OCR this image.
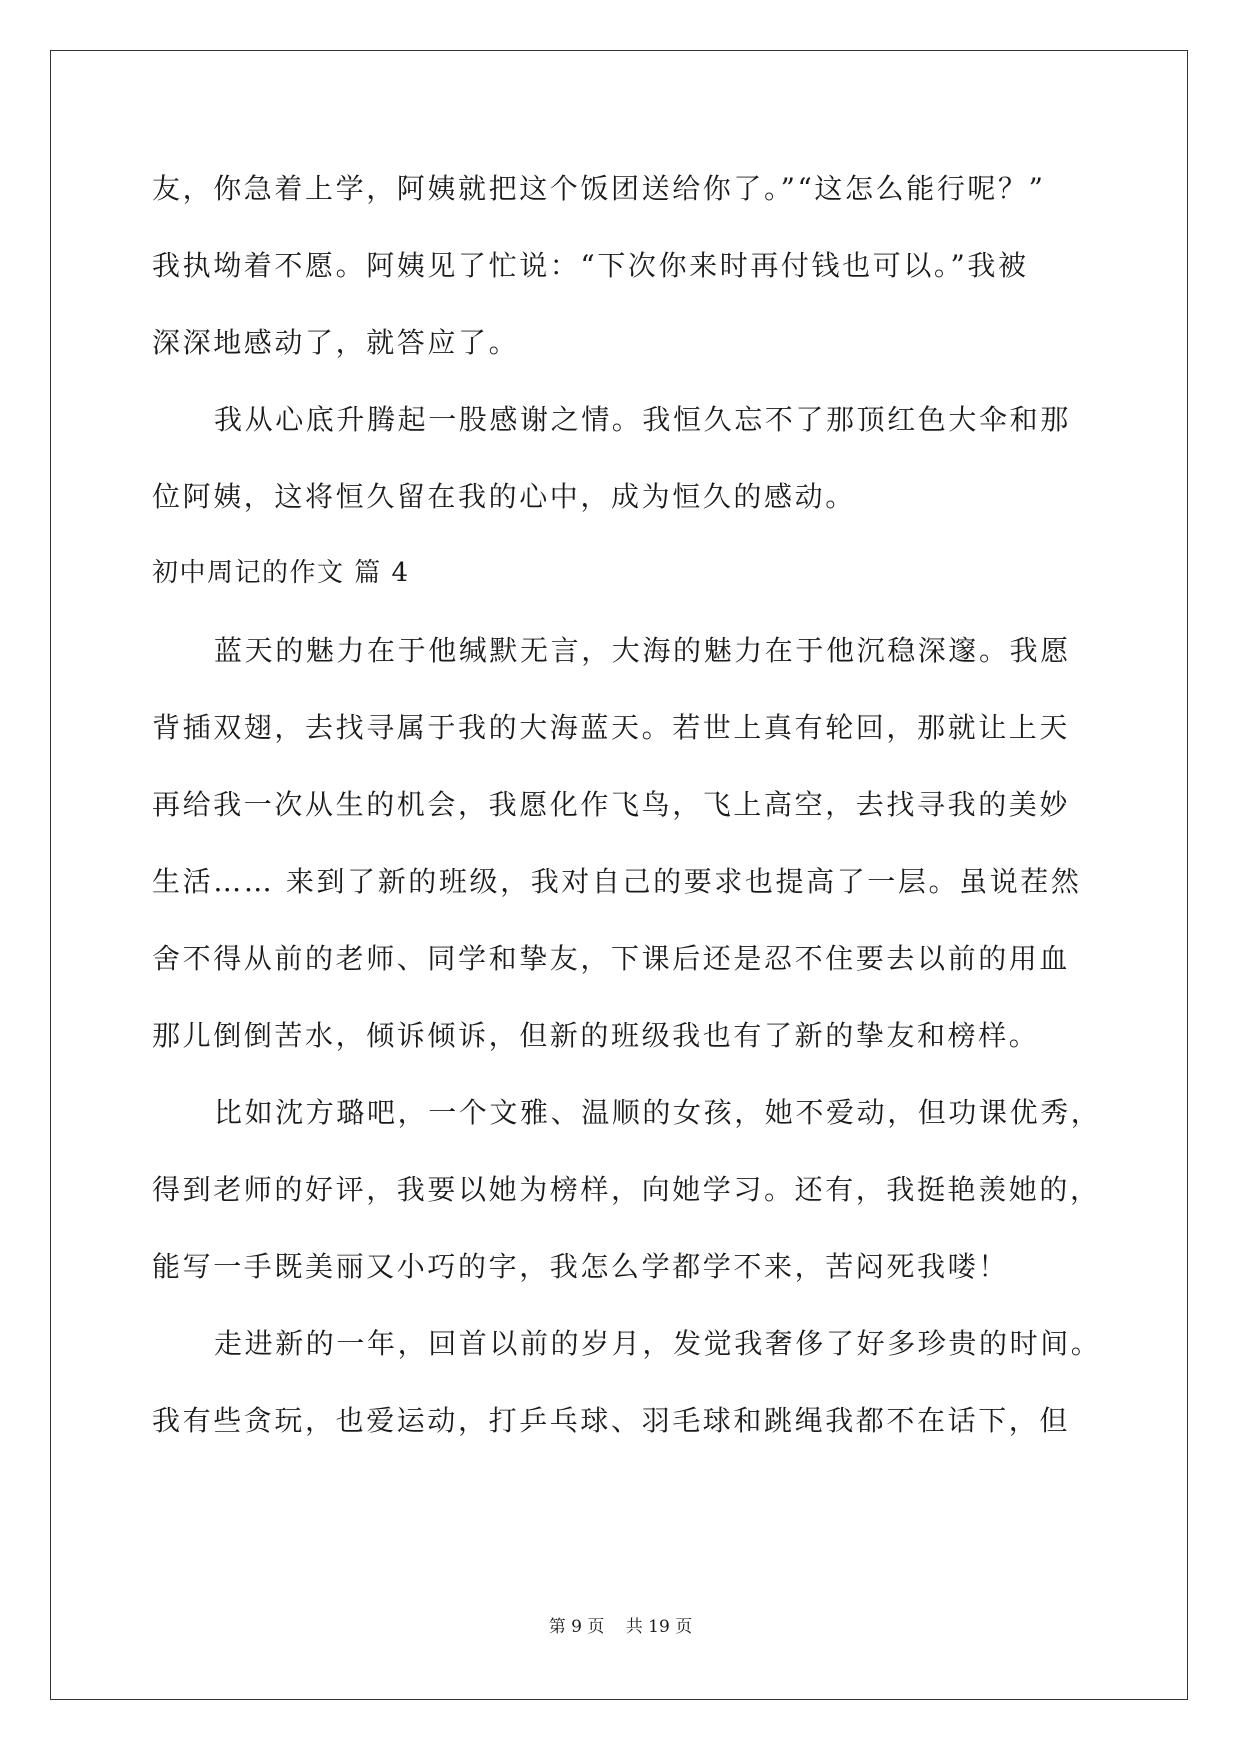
友，你急着上学，阿姨就把这个饭团送给你了。”“这怎么能行呢？”
我执坳着不愿。阿姨见了忙说：“下次你来时再付钱也可以。”我被
深深地感动了，就答应了。
我从心底升腾起一股感谢之情。我恒久忘不了那顶红色大伞和那
位阿姨，这将恒久留在我的心中，成为恒久的感动。
初中周记的作文 篇 4
蓝天的魅力在于他缄默无言，大海的魅力在于他沉稳深邃。我愿
背插双翅，去找寻属于我的大海蓝天。若世上真有轮回，那就让上天
再给我一次从生的机会，我愿化作飞鸟，飞上高空，去找寻我的美妙
生活…… 来到了新的班级，我对自己的要求也提高了一层。虽说茬然
舍不得从前的老师、同学和挚友，下课后还是忍不住要去以前的用血
那儿倒倒苦水，倾诉倾诉，但新的班级我也有了新的挚友和榜样。
比如沈方璐吧，一个文雅、温顺的女孩，她不爱动，但功课优秀，
得到老师的好评，我要以她为榜样，向她学习。还有，我挺艳羡她的，
能写一手既美丽又小巧的字，我怎么学都学不来，苦闷死我喽！
走进新的一年，回首以前的岁月，发觉我奢侈了好多珍贵的时间。
我有些贪玩，也爱运动，打乒乓球、羽毛球和跳绳我都不在话下，但
第 9 页 共 19 页
